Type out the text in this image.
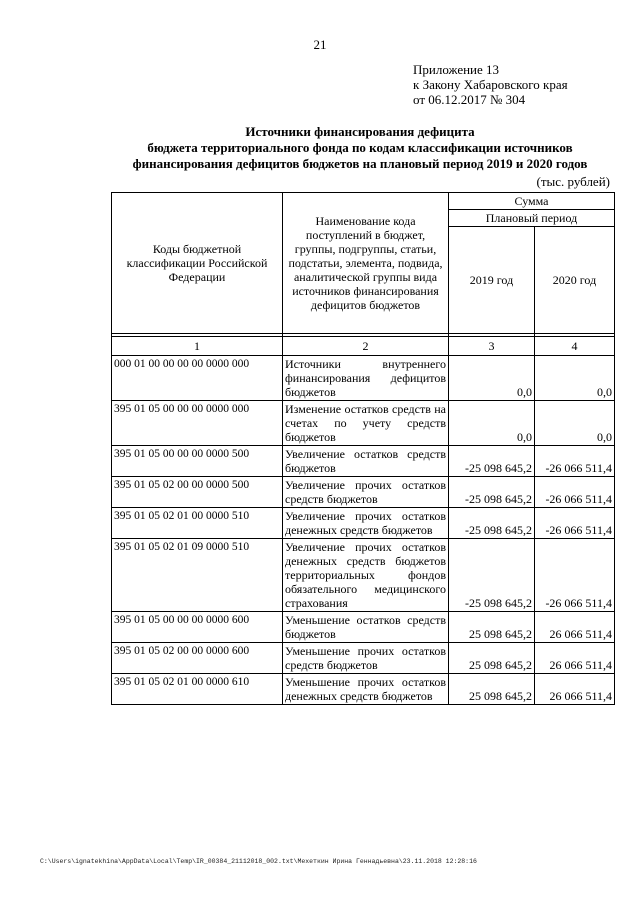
21
Приложение 13
к Закону Хабаровского края
от 06.12.2017 № 304
Источники финансирования дефицита
бюджета территориального фонда по кодам классификации источников
финансирования дефицитов бюджетов на плановый период 2019 и 2020 годов
(тыс. рублей)
Коды бюджетной классификации Российской Федерации	Наименование кода поступлений в бюджет, группы, подгруппы, статьи, подстатьи, элемента, подвида, аналитической группы вида источников финансирования дефицитов бюджетов	Сумма	
		Плановый период	
		2019 год	2020 год

1	2	3	4
000 01 00 00 00 00 0000 000	Источники внутреннего финансирования дефицитов бюджетов	0,0	0,0
395 01 05 00 00 00 0000 000	Изменение остатков средств на счетах по учету средств бюджетов	0,0	0,0
395 01 05 00 00 00 0000 500	Увеличение остатков средств бюджетов	-25 098 645,2	-26 066 511,4
395 01 05 02 00 00 0000 500	Увеличение прочих остатков средств бюджетов	-25 098 645,2	-26 066 511,4
395 01 05 02 01 00 0000 510	Увеличение прочих остатков денежных средств бюджетов	-25 098 645,2	-26 066 511,4
395 01 05 02 01 09 0000 510	Увеличение прочих остатков денежных средств бюджетов территориальных фондов обязательного медицинского страхования	-25 098 645,2	-26 066 511,4
395 01 05 00 00 00 0000 600	Уменьшение остатков средств бюджетов	25 098 645,2	26 066 511,4
395 01 05 02 00 00 0000 600	Уменьшение прочих остатков средств бюджетов	25 098 645,2	26 066 511,4
395 01 05 02 01 00 0000 610	Уменьшение прочих остатков денежных средств бюджетов	25 098 645,2	26 066 511,4
C:\Users\ignatekhina\AppData\Local\Temp\IR_00384_21112018_002.txt\Мехеткин Ирина Геннадьевна\23.11.2018 12:28:16
